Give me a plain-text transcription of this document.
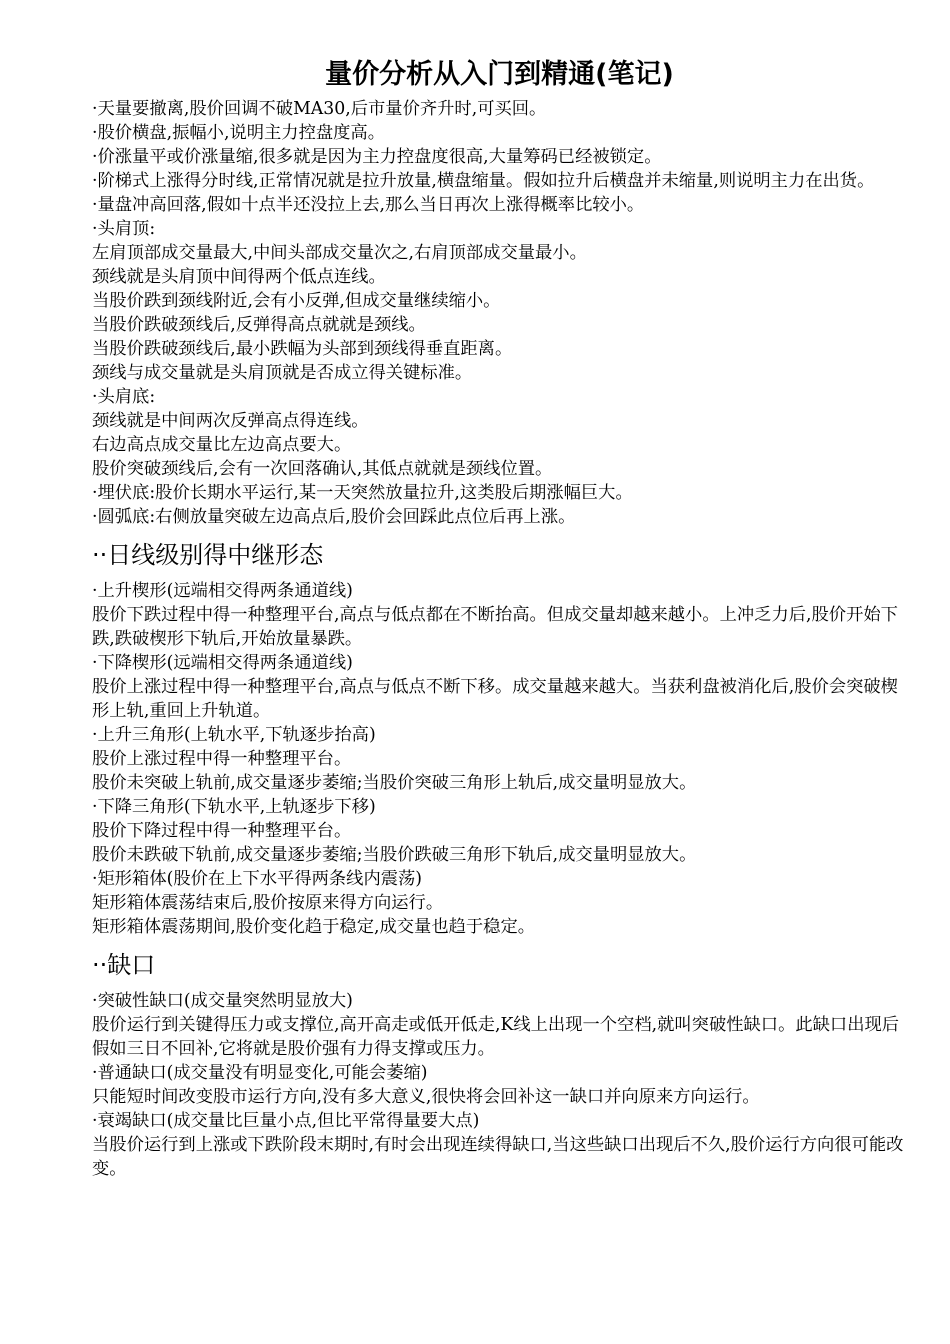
量价分析从入门到精通(笔记)

·天量要撤离,股价回调不破MA30,后市量价齐升时,可买回。

·股价横盘,振幅小,说明主力控盘度高。

·价涨量平或价涨量缩,很多就是因为主力控盘度很高,大量筹码已经被锁定。

·阶梯式上涨得分时线,正常情况就是拉升放量,横盘缩量。假如拉升后横盘并未缩量,则说明主力在出货。

·量盘冲高回落,假如十点半还没拉上去,那么当日再次上涨得概率比较小。

·头肩顶:

左肩顶部成交量最大,中间头部成交量次之,右肩顶部成交量最小。

颈线就是头肩顶中间得两个低点连线。

当股价跌到颈线附近,会有小反弹,但成交量继续缩小。

当股价跌破颈线后,反弹得高点就就是颈线。

当股价跌破颈线后,最小跌幅为头部到颈线得垂直距离。

颈线与成交量就是头肩顶就是否成立得关键标准。

·头肩底:

颈线就是中间两次反弹高点得连线。

右边高点成交量比左边高点要大。

股价突破颈线后,会有一次回落确认,其低点就就是颈线位置。

·埋伏底:股价长期水平运行,某一天突然放量拉升,这类股后期涨幅巨大。

·圆弧底:右侧放量突破左边高点后,股价会回踩此点位后再上涨。

··日线级别得中继形态

·上升楔形(远端相交得两条通道线)

股价下跌过程中得一种整理平台,高点与低点都在不断抬高。但成交量却越来越小。上冲乏力后,股价开始下跌,跌破楔形下轨后,开始放量暴跌。

·下降楔形(远端相交得两条通道线)

股价上涨过程中得一种整理平台,高点与低点不断下移。成交量越来越大。当获利盘被消化后,股价会突破楔形上轨,重回上升轨道。

·上升三角形(上轨水平,下轨逐步抬高)

股价上涨过程中得一种整理平台。

股价未突破上轨前,成交量逐步萎缩;当股价突破三角形上轨后,成交量明显放大。

·下降三角形(下轨水平,上轨逐步下移)

股价下降过程中得一种整理平台。

股价未跌破下轨前,成交量逐步萎缩;当股价跌破三角形下轨后,成交量明显放大。

·矩形箱体(股价在上下水平得两条线内震荡)

矩形箱体震荡结束后,股价按原来得方向运行。

矩形箱体震荡期间,股价变化趋于稳定,成交量也趋于稳定。

··缺口

·突破性缺口(成交量突然明显放大)

股价运行到关键得压力或支撑位,高开高走或低开低走,K线上出现一个空档,就叫突破性缺口。此缺口出现后假如三日不回补,它将就是股价强有力得支撑或压力。

·普通缺口(成交量没有明显变化,可能会萎缩)

只能短时间改变股市运行方向,没有多大意义,很快将会回补这一缺口并向原来方向运行。

·衰竭缺口(成交量比巨量小点,但比平常得量要大点)

当股价运行到上涨或下跌阶段末期时,有时会出现连续得缺口,当这些缺口出现后不久,股价运行方向很可能改变。
